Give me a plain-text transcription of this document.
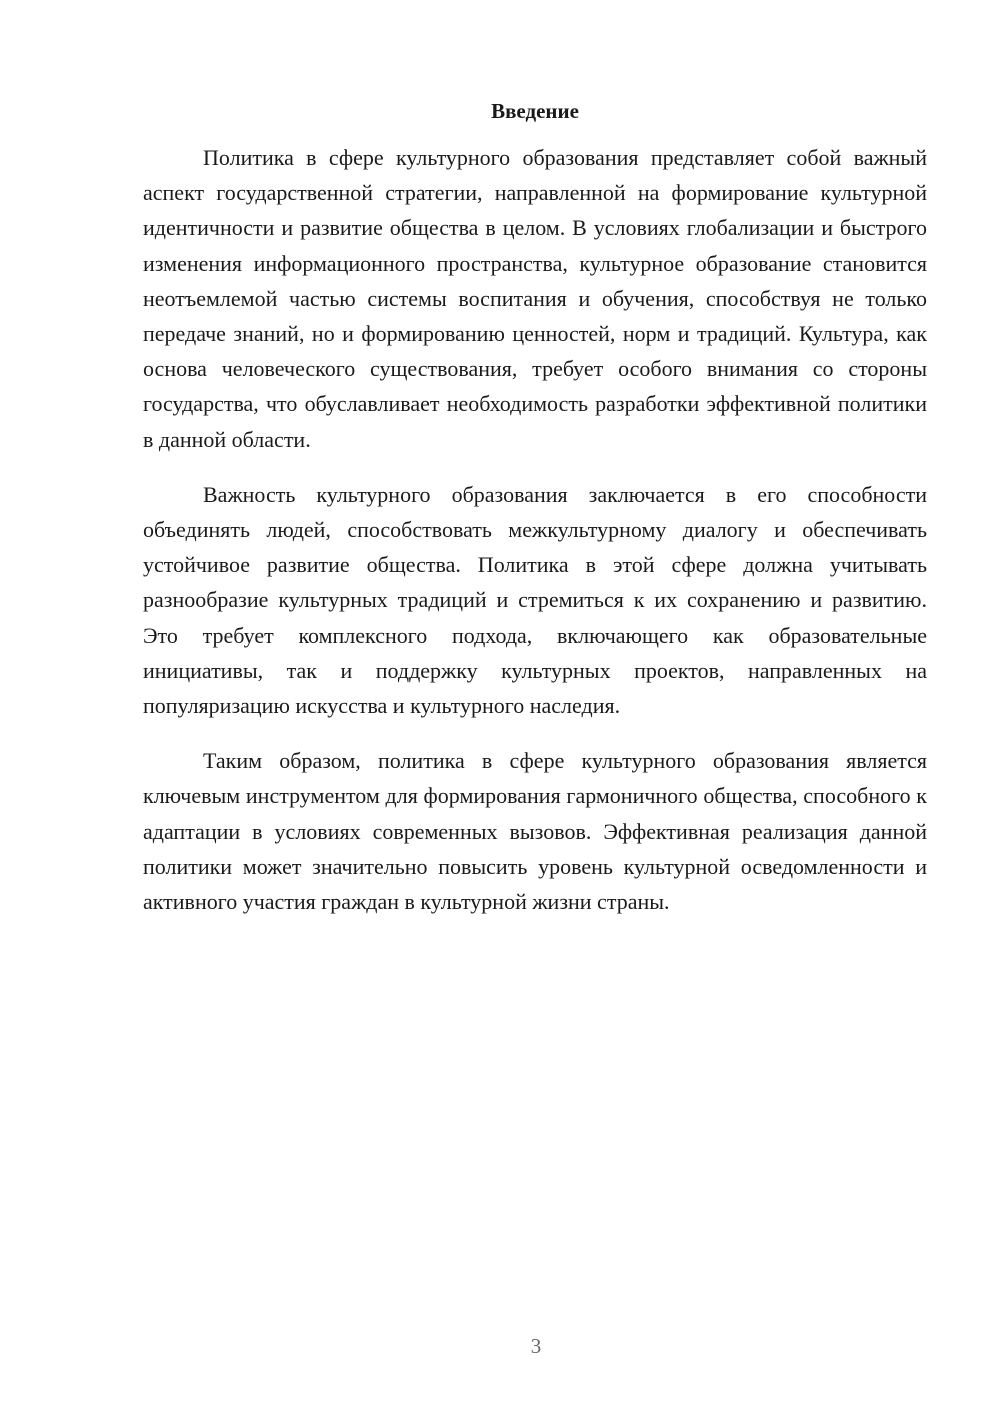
Введение

Политика в сфере культурного образования представляет собой важный аспект государственной стратегии, направленной на формирование культурной идентичности и развитие общества в целом. В условиях глобализации и быстрого изменения информационного пространства, культурное образование становится неотъемлемой частью системы воспитания и обучения, способствуя не только передаче знаний, но и формированию ценностей, норм и традиций. Культура, как основа человеческого существования, требует особого внимания со стороны государства, что обуславливает необходимость разработки эффективной политики в данной области.

Важность культурного образования заключается в его способности объединять людей, способствовать межкультурному диалогу и обеспечивать устойчивое развитие общества. Политика в этой сфере должна учитывать разнообразие культурных традиций и стремиться к их сохранению и развитию. Это требует комплексного подхода, включающего как образовательные инициативы, так и поддержку культурных проектов, направленных на популяризацию искусства и культурного наследия.

Таким образом, политика в сфере культурного образования является ключевым инструментом для формирования гармоничного общества, способного к адаптации в условиях современных вызовов. Эффективная реализация данной политики может значительно повысить уровень культурной осведомленности и активного участия граждан в культурной жизни страны.

3
